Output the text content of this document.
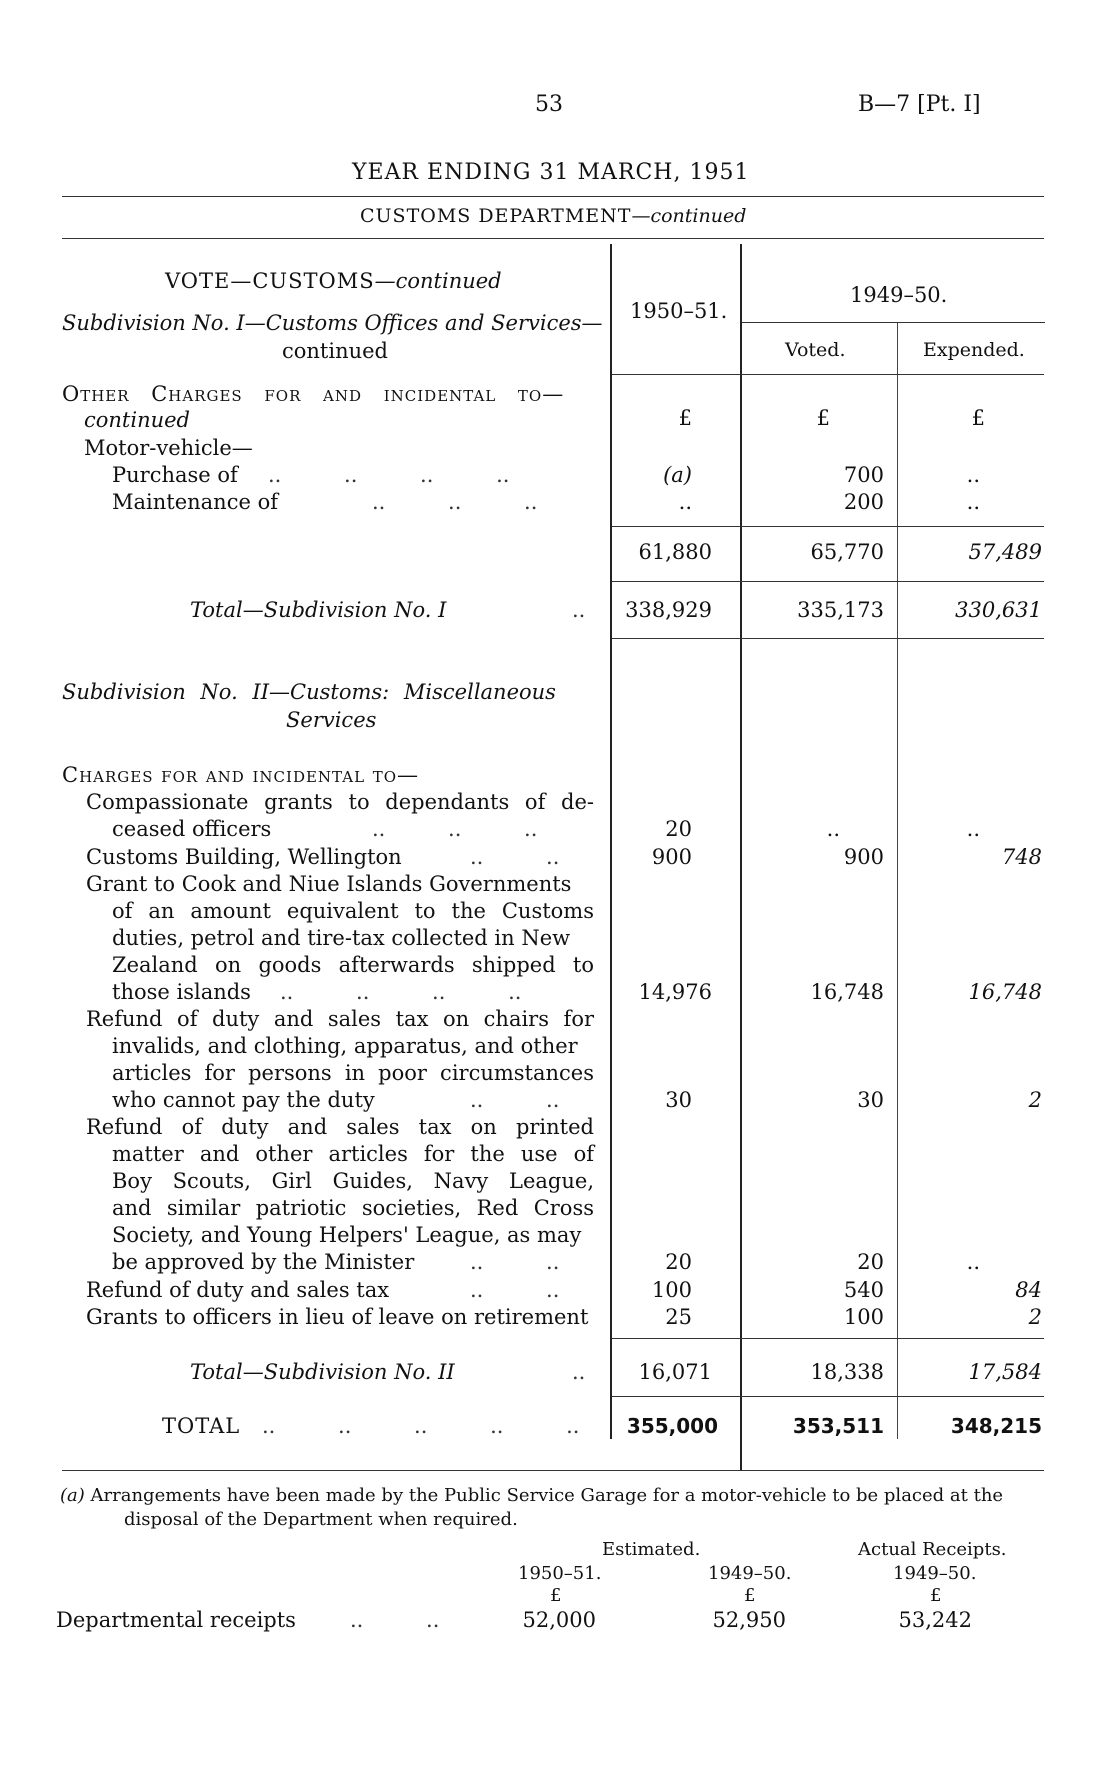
53	B—7 [Pt. I]
YEAR ENDING 31 MARCH, 1951
CUSTOMS DEPARTMENT—continued
VOTE—CUSTOMS—continued
Subdivision No. I—Customs Offices and Services—
continued
1950–51.
1949–50.
Voted.	Expended.
Other Charges for and incidental to—
continued	£	£	£
Motor-vehicle—
Purchase of .. .. .. ..	(a)	700	..
Maintenance of	.. .. ..	..	200	..
61,880	65,770	57,489
Total—Subdivision No. I	..	338,929	335,173	330,631
Subdivision No. II—Customs: Miscellaneous
Services
Charges for and incidental to—
Compassionate grants to dependants of de-
ceased officers	.. .. ..	20	..	..
Customs Building, Wellington	.. ..	900	900	748
Grant to Cook and Niue Islands Governments
of an amount equivalent to the Customs
duties, petrol and tire-tax collected in New
Zealand on goods afterwards shipped to
those islands .. .. .. ..	14,976	16,748	16,748
Refund of duty and sales tax on chairs for
invalids, and clothing, apparatus, and other
articles for persons in poor circumstances
who cannot pay the duty	.. ..	30	30	2
Refund of duty and sales tax on printed
matter and other articles for the use of
Boy Scouts, Girl Guides, Navy League,
and similar patriotic societies, Red Cross
Society, and Young Helpers' League, as may
be approved by the Minister	.. ..	20	20	..
Refund of duty and sales tax	.. ..	100	540	84
Grants to officers in lieu of leave on retirement	25	100	2
Total—Subdivision No. II	..	16,071	18,338	17,584
TOTAL .. .. .. .. ..	355,000	353,511	348,215
(a) Arrangements have been made by the Public Service Garage for a motor-vehicle to be placed at the
disposal of the Department when required.
Estimated.	Actual Receipts.
1950–51.	1949–50.	1949–50.
£	£	£
Departmental receipts	.. ..	52,000	52,950	53,242
